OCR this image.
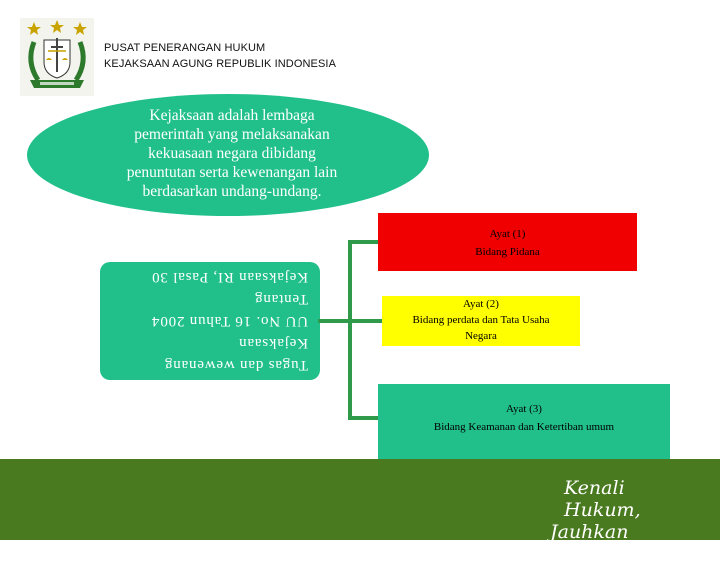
PUSAT PENERANGAN HUKUM
KEJAKSAAN AGUNG REPUBLIK INDONESIA
Kejaksaan adalah lembaga
pemerintah yang melaksanakan
kekuasaan negara dibidang
penuntutan serta kewenangan lain
berdasarkan undang-undang.
Tugas dan wewenang Kejaksaan
UU No. 16 Tahun 2004 Tentang
Kejaksaan RI, Pasal 30
Ayat (1)
Bidang Pidana
Ayat (2)
Bidang perdata dan Tata Usaha Negara
Ayat (3)
Bidang Keamanan dan Ketertiban umum
Kenali Hukum,
Jauhkan Hukuman
